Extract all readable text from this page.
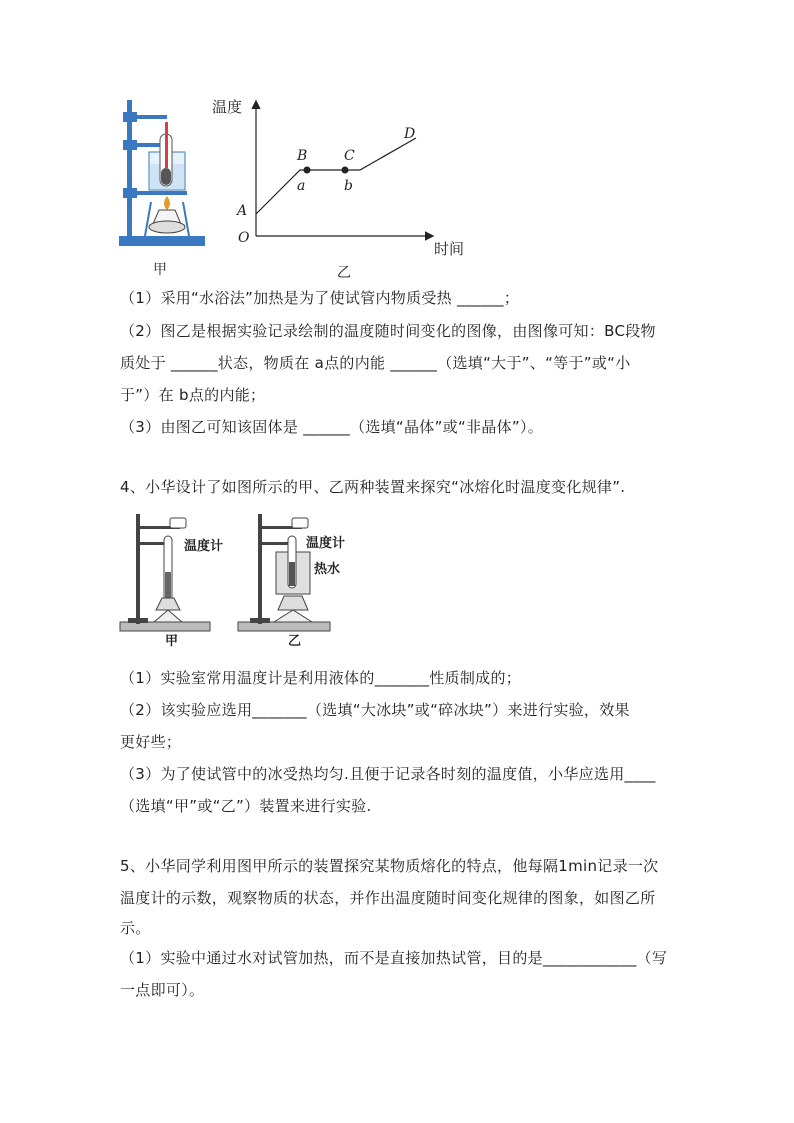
甲
温度
时间
O
A
B	C
D
a	b
乙
（1）采用“水浴法”加热是为了使试管内物质受热 ______；
（2）图乙是根据实验记录绘制的温度随时间变化的图像，由图像可知：BC段物
质处于 ______状态，物质在 a点的内能 ______（选填“大于”、“等于”或“小
于”）在 b点的内能；
（3）由图乙可知该固体是 ______（选填“晶体”或“非晶体”）。
4、小华设计了如图所示的甲、乙两种装置来探究“冰熔化时温度变化规律”.
温度计	温度计
热水
甲	乙
（1）实验室常用温度计是利用液体的_______性质制成的；
（2）该实验应选用_______（选填“大冰块”或“碎冰块”）来进行实验，效果
更好些；
（3）为了使试管中的冰受热均匀.且便于记录各时刻的温度值，小华应选用____
（选填“甲”或“乙”）装置来进行实验.
5、小华同学利用图甲所示的装置探究某物质熔化的特点，他每隔1min记录一次
温度计的示数，观察物质的状态，并作出温度随时间变化规律的图象，如图乙所
示。
（1）实验中通过水对试管加热，而不是直接加热试管，目的是____________（写
一点即可）。
